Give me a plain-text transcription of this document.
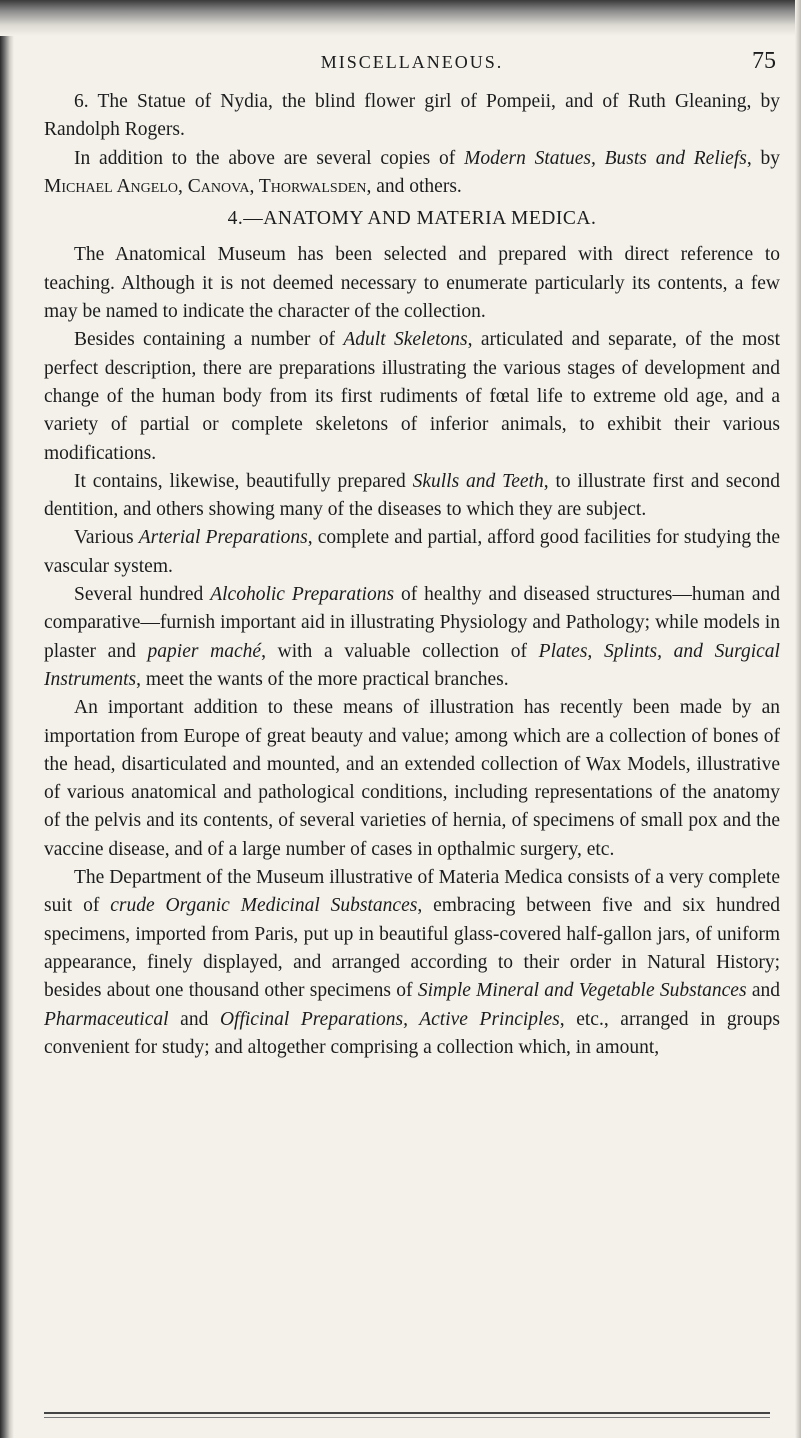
MISCELLANEOUS.	75

6. The Statue of Nydia, the blind flower girl of Pompeii, and of Ruth Gleaning, by Randolph Rogers.

In addition to the above are several copies of Modern Statues, Busts and Reliefs, by Michael Angelo, Canova, Thorwalsden, and others.

4.—ANATOMY AND MATERIA MEDICA.

The Anatomical Museum has been selected and prepared with direct reference to teaching. Although it is not deemed necessary to enumerate particularly its contents, a few may be named to indicate the character of the collection.

Besides containing a number of Adult Skeletons, articulated and separate, of the most perfect description, there are preparations illustrating the various stages of development and change of the human body from its first rudiments of fœtal life to extreme old age, and a variety of partial or complete skeletons of inferior animals, to exhibit their various modifications.

It contains, likewise, beautifully prepared Skulls and Teeth, to illustrate first and second dentition, and others showing many of the diseases to which they are subject.

Various Arterial Preparations, complete and partial, afford good facilities for studying the vascular system.

Several hundred Alcoholic Preparations of healthy and diseased structures—human and comparative—furnish important aid in illustrating Physiology and Pathology; while models in plaster and papier maché, with a valuable collection of Plates, Splints, and Surgical Instruments, meet the wants of the more practical branches.

An important addition to these means of illustration has recently been made by an importation from Europe of great beauty and value; among which are a collection of bones of the head, disarticulated and mounted, and an extended collection of Wax Models, illustrative of various anatomical and pathological conditions, including representations of the anatomy of the pelvis and its contents, of several varieties of hernia, of specimens of small pox and the vaccine disease, and of a large number of cases in opthalmic surgery, etc.

The Department of the Museum illustrative of Materia Medica consists of a very complete suit of crude Organic Medicinal Substances, embracing between five and six hundred specimens, imported from Paris, put up in beautiful glass-covered half-gallon jars, of uniform appearance, finely displayed, and arranged according to their order in Natural History; besides about one thousand other specimens of Simple Mineral and Vegetable Substances and Pharmaceutical and Officinal Preparations, Active Principles, etc., arranged in groups convenient for study; and altogether comprising a collection which, in amount,
